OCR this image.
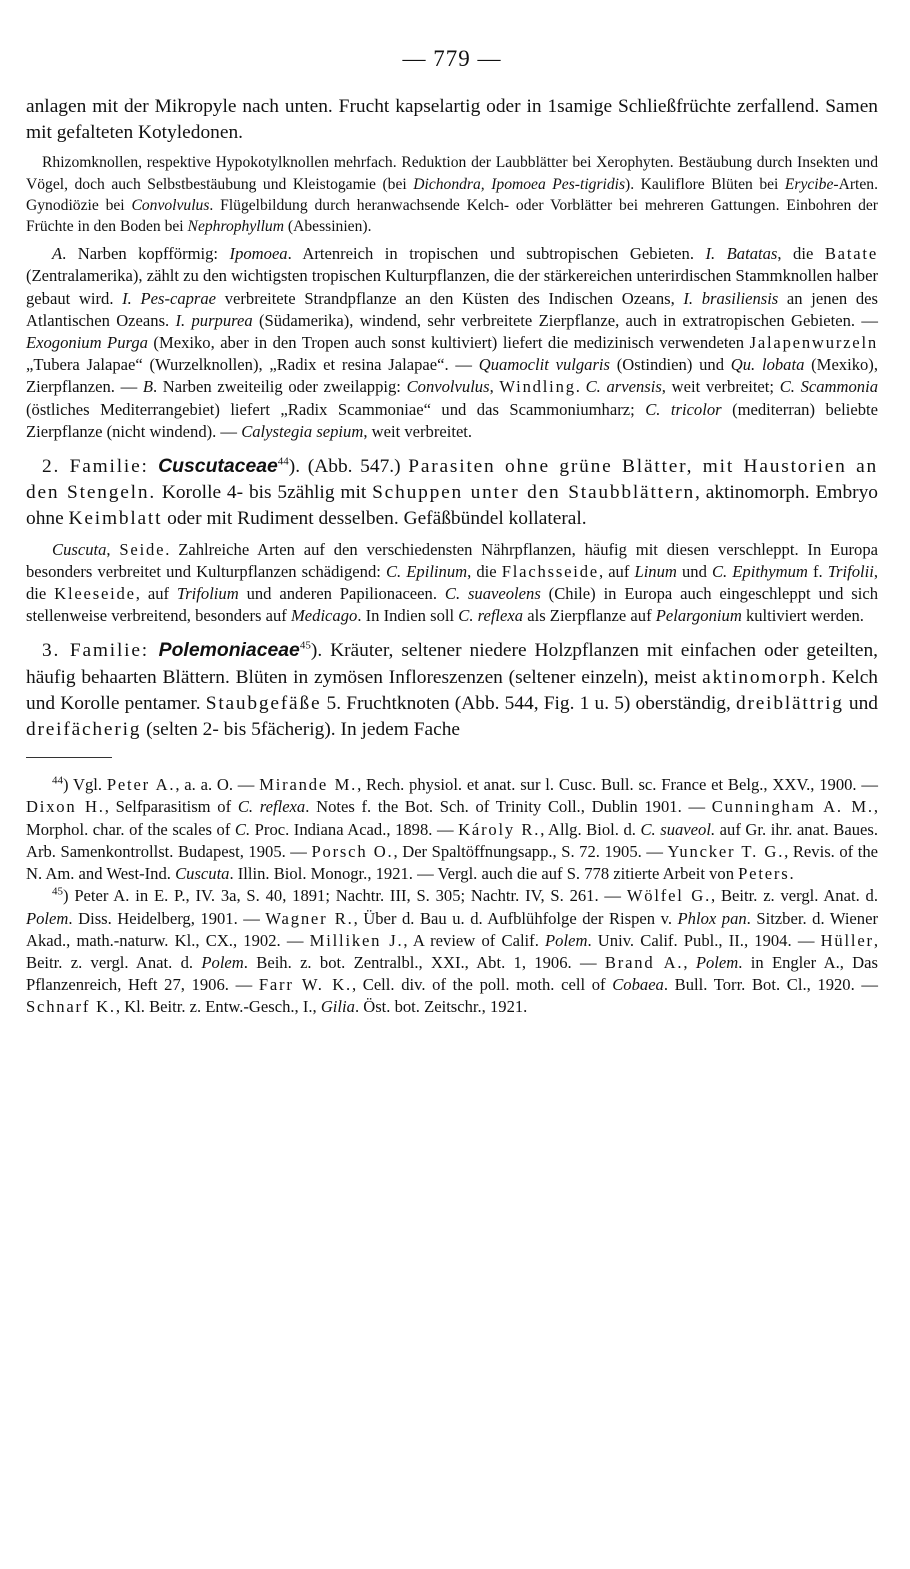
— 779 —

anlagen mit der Mikropyle nach unten. Frucht kapselartig oder in 1samige Schließfrüchte zerfallend. Samen mit gefalteten Kotyledonen.

Rhizomknollen, respektive Hypokotylknollen mehrfach. Reduktion der Laubblätter bei Xerophyten. Bestäubung durch Insekten und Vögel, doch auch Selbstbestäubung und Kleistogamie (bei Dichondra, Ipomoea Pes-tigridis). Kauliflore Blüten bei Erycibe-Arten. Gynodiözie bei Convolvulus. Flügelbildung durch heranwachsende Kelch- oder Vorblätter bei mehreren Gattungen. Einbohren der Früchte in den Boden bei Nephrophyllum (Abessinien).

A. Narben kopfförmig: Ipomoea. Artenreich in tropischen und subtropischen Gebieten. I. Batatas, die Batate (Zentralamerika), zählt zu den wichtigsten tropischen Kulturpflanzen, die der stärkereichen unterirdischen Stammknollen halber gebaut wird. I. Pes-caprae verbreitete Strandpflanze an den Küsten des Indischen Ozeans, I. brasiliensis an jenen des Atlantischen Ozeans. I. purpurea (Südamerika), windend, sehr verbreitete Zierpflanze, auch in extratropischen Gebieten. — Exogonium Purga (Mexiko, aber in den Tropen auch sonst kultiviert) liefert die medizinisch verwendeten Jalapenwurzeln „Tubera Jalapae“ (Wurzelknollen), „Radix et resina Jalapae“. — Quamoclit vulgaris (Ostindien) und Qu. lobata (Mexiko), Zierpflanzen. — B. Narben zweiteilig oder zweilappig: Convolvulus, Windling. C. arvensis, weit verbreitet; C. Scammonia (östliches Mediterrangebiet) liefert „Radix Scammoniae“ und das Scammoniumharz; C. tricolor (mediterran) beliebte Zierpflanze (nicht windend). — Calystegia sepium, weit verbreitet.

2. Familie: Cuscutaceae$^{44}$). (Abb. 547.) Parasiten ohne grüne Blätter, mit Haustorien an den Stengeln. Korolle 4- bis 5zählig mit Schuppen unter den Staubblättern, aktinomorph. Embryo ohne Keimblatt oder mit Rudiment desselben. Gefäßbündel kollateral.

Cuscuta, Seide. Zahlreiche Arten auf den verschiedensten Nährpflanzen, häufig mit diesen verschleppt. In Europa besonders verbreitet und Kulturpflanzen schädigend: C. Epilinum, die Flachsseide, auf Linum und C. Epithymum f. Trifolii, die Kleeseide, auf Trifolium und anderen Papilionaceen. C. suaveolens (Chile) in Europa auch eingeschleppt und sich stellenweise verbreitend, besonders auf Medicago. In Indien soll C. reflexa als Zierpflanze auf Pelargonium kultiviert werden.

3. Familie: Polemoniaceae$^{45}$). Kräuter, seltener niedere Holzpflanzen mit einfachen oder geteilten, häufig behaarten Blättern. Blüten in zymösen Infloreszenzen (seltener einzeln), meist aktinomorph. Kelch und Korolle pentamer. Staubgefäße 5. Fruchtknoten (Abb. 544, Fig. 1 u. 5) oberständig, dreiblättrig und dreifächerig (selten 2- bis 5fächerig). In jedem Fache

$^{44}$) Vgl. Peter A., a. a. O. — Mirande M., Rech. physiol. et anat. sur l. Cusc. Bull. sc. France et Belg., XXV., 1900. — Dixon H., Selfparasitism of C. reflexa. Notes f. the Bot. Sch. of Trinity Coll., Dublin 1901. — Cunningham A. M., Morphol. char. of the scales of C. Proc. Indiana Acad., 1898. — Károly R., Allg. Biol. d. C. suaveol. auf Gr. ihr. anat. Baues. Arb. Samenkontrollst. Budapest, 1905. — Porsch O., Der Spaltöffnungsapp., S. 72. 1905. — Yuncker T. G., Revis. of the N. Am. and West-Ind. Cuscuta. Illin. Biol. Monogr., 1921. — Vergl. auch die auf S. 778 zitierte Arbeit von Peters.

$^{45}$) Peter A. in E. P., IV. 3a, S. 40, 1891; Nachtr. III, S. 305; Nachtr. IV, S. 261. — Wölfel G., Beitr. z. vergl. Anat. d. Polem. Diss. Heidelberg, 1901. — Wagner R., Über d. Bau u. d. Aufblühfolge der Rispen v. Phlox pan. Sitzber. d. Wiener Akad., math.-naturw. Kl., CX., 1902. — Milliken J., A review of Calif. Polem. Univ. Calif. Publ., II., 1904. — Hüller, Beitr. z. vergl. Anat. d. Polem. Beih. z. bot. Zentralbl., XXI., Abt. 1, 1906. — Brand A., Polem. in Engler A., Das Pflanzenreich, Heft 27, 1906. — Farr W. K., Cell. div. of the poll. moth. cell of Cobaea. Bull. Torr. Bot. Cl., 1920. — Schnarf K., Kl. Beitr. z. Entw.-Gesch., I., Gilia. Öst. bot. Zeitschr., 1921.
